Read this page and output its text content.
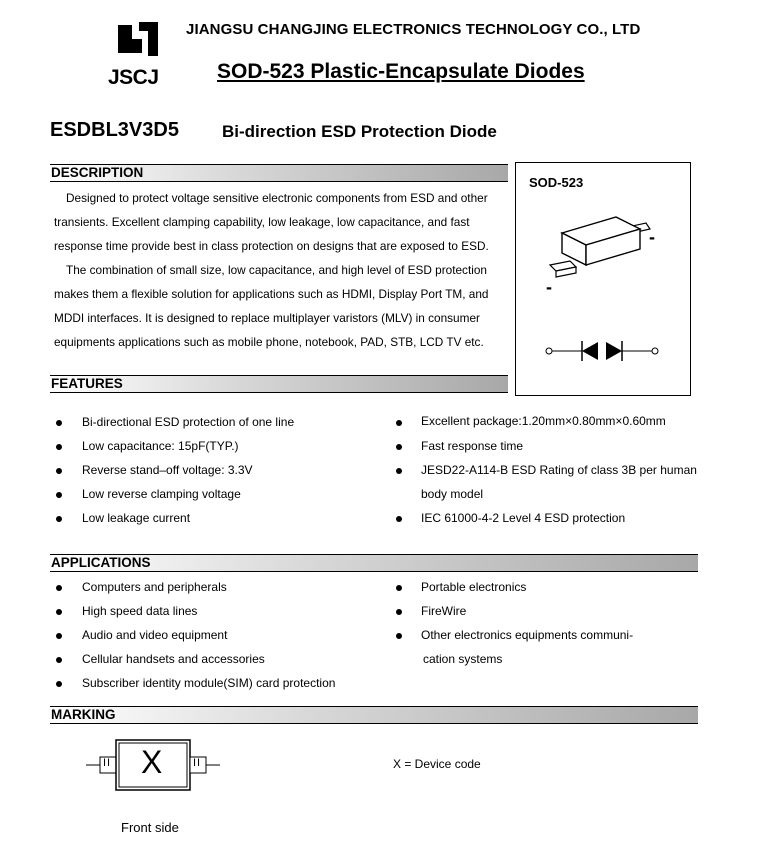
JSCJ
JIANGSU CHANGJING ELECTRONICS TECHNOLOGY CO., LTD
SOD-523 Plastic-Encapsulate Diodes
ESDBL3V3D5	Bi-direction ESD Protection Diode
DESCRIPTION
Designed to protect voltage sensitive electronic components from ESD and other
transients. Excellent clamping capability, low leakage, low capacitance, and fast
response time provide best in class protection on designs that are exposed to ESD.
The combination of small size, low capacitance, and high level of ESD protection
makes them a flexible solution for applications such as HDMI, Display Port TM, and
MDDI interfaces. It is designed to replace multiplayer varistors (MLV) in consumer
equipments applications such as mobile phone, notebook, PAD, STB, LCD TV etc.
SOD-523
-
-
FEATURES
Bi-directional ESD protection of one line
Low capacitance: 15pF(TYP.)
Reverse stand–off voltage: 3.3V
Low reverse clamping voltage
Low leakage current
Excellent package:1.20mm×0.80mm×0.60mm
Fast response time
JESD22-A114-B ESD Rating of class 3B per human
body model
IEC 61000-4-2 Level 4 ESD protection
APPLICATIONS
Computers and peripherals
High speed data lines
Audio and video equipment
Cellular handsets and accessories
Subscriber identity module(SIM) card protection
Portable electronics
FireWire
Other electronics equipments communi-
cation systems
MARKING
II	II
X	X = Device code
Front side
